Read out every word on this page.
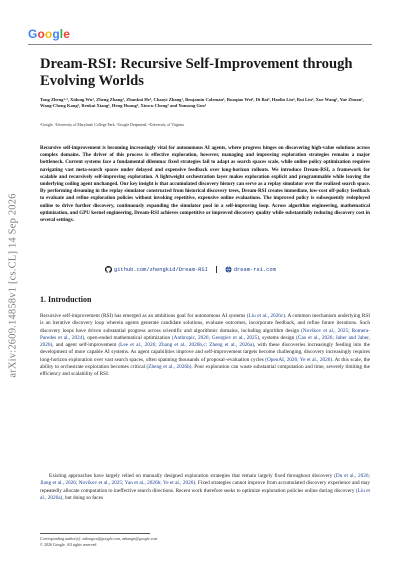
Google
arXiv:2609.14858v1 [cs.CL] 14 Sep 2026
Dream-RSI: Recursive Self-Improvement through Evolving Worlds
Tong Zheng¹·², Xidong Wu¹, Zheng Zhang¹, Zhankui He³, Chaoyi Zhang¹, Benjamin Coleman³, Ruoqiao Wei¹, Di Bai³, Haolin Liu⁴, Rui Liu², Xue Wang¹, Yue Zhuan¹, Wang-Cheng Kang³, Renkai Xiang¹, Heng Huang², Xinwu Cheng³ and Yunsong Guo¹
¹Google, ²University of Maryland, College Park, ³Google Deepmind, ⁴University of Virginia
Recursive self-improvement is becoming increasingly vital for autonomous AI agents, where progress hinges on discovering high-value solutions across complex domains. The driver of this process is effective exploration, however, managing and improving exploration strategies remains a major bottleneck. Current systems face a fundamental dilemma: fixed strategies fail to adapt as search spaces scale, while online policy optimization requires navigating vast meta-search spaces under delayed and expensive feedback over long-horizon rollouts. We introduce Dream-RSI, a framework for scalable and recursively self-improving exploration. A lightweight orchestration layer makes exploration explicit and programmable while leaving the underlying coding agent unchanged. Our key insight is that accumulated discovery history can serve as a replay simulator over the realized search space. By performing dreaming in the replay simulator constructed from historical discovery trees, Dream-RSI creates immediate, low-cost off-policy feedback to evaluate and refine exploration policies without invoking repetitive, expensive online evaluations. The improved policy is subsequently redeployed online to drive further discovery, continuously expanding the simulator pool in a self-improving loop. Across algorithm engineering, mathematical optimization, and GPU kernel engineering, Dream-RSI achieves competitive or improved discovery quality while substantially reducing discovery cost in several settings.
github.com/zhengkid/Dream-RSI	dream-rsi.com
1. Introduction
Recursive self-improvement (RSI) has emerged as an ambitious goal for autonomous AI systems (Liu et al., 2026c). A common mechanism underlying RSI is an iterative discovery loop wherein agents generate candidate solutions, evaluate outcomes, incorporate feedback, and refine future iterations. Such discovery loops have driven substantial progress across scientific and algorithmic domains, including algorithm design (Novikov et al., 2025; Romera-Paredes et al., 2024), open-ended mathematical optimization (Anthropic, 2026; Georgiev et al., 2025), systems design (Cao et al., 2026; Jaber and Jaber, 2026), and agent self-improvement (Lee et al., 2026; Zhang et al., 2026b,c; Zheng et al., 2026a), with these discoveries increasingly feeding into the development of more capable AI systems. As agent capabilities improve and self-improvement targets become challenging, discovery increasingly requires long-horizon exploration over vast search spaces, often spanning thousands of proposal–evaluation cycles (OpenAI, 2026; Ye et al., 2026). At this scale, the ability to orchestrate exploration becomes critical (Zheng et al., 2026b). Poor exploration can waste substantial computation and time, severely limiting the efficiency and scalability of RSI.
Existing approaches have largely relied on manually designed exploration strategies that remain largely fixed throughout discovery (Du et al., 2026; Jiang et al., 2026; Novikov et al., 2025; Yan et al., 2026b; Ye et al., 2026). Fixed strategies cannot improve from accumulated discovery experience and may repeatedly allocate computation to ineffective search directions. Recent work therefore seeks to optimize exploration policies online during discovery (Liu et al., 2026a), but doing so faces
Corresponding author(s): xidongwu@google.com, zzhangn@google.com
© 2026 Google. All rights reserved
